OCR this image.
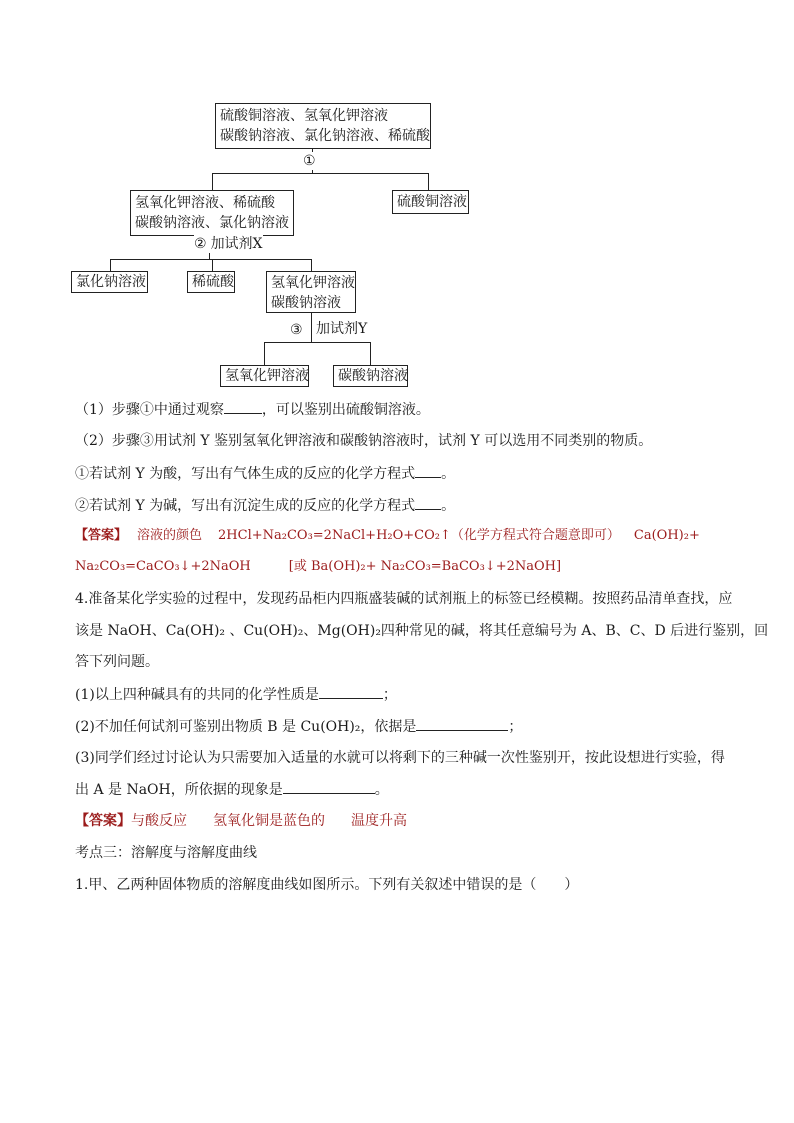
硫酸铜溶液、氢氧化钾溶液
碳酸钠溶液、氯化钠溶液、稀硫酸
①
氢氧化钾溶液、稀硫酸
碳酸钠溶液、氯化钠溶液
硫酸铜溶液
② 加试剂X
氯化钠溶液	稀硫酸	氢氧化钾溶液
碳酸钠溶液
③ 加试剂Y
氢氧化钾溶液	碳酸钠溶液
（1）步骤①中通过观察	，可以鉴别出硫酸铜溶液。
（2）步骤③用试剂 Y 鉴别氢氧化钾溶液和碳酸钠溶液时，试剂 Y 可以选用不同类别的物质。
①若试剂 Y 为酸，写出有气体生成的反应的化学方程式 。
②若试剂 Y 为碱，写出有沉淀生成的反应的化学方程式 。
【答案】 溶液的颜色 2HCl+Na₂CO₃=2NaCl+H₂O+CO₂↑（化学方程式符合题意即可） Ca(OH)₂+
Na₂CO₃=CaCO₃↓+2NaOH	[或 Ba(OH)₂+ Na₂CO₃=BaCO₃↓+2NaOH]
4.准备某化学实验的过程中，发现药品柜内四瓶盛装碱的试剂瓶上的标签已经模糊。按照药品清单查找，应
该是 NaOH、Ca(OH)₂ 、Cu(OH)₂、Mg(OH)₂四种常见的碱，将其任意编号为 A、B、C、D 后进行鉴别，回
答下列问题。
(1)以上四种碱具有的共同的化学性质是	；
(2)不加任何试剂可鉴别出物质 B 是 Cu(OH)₂，依据是	；
(3)同学们经过讨论认为只需要加入适量的水就可以将剩下的三种碱一次性鉴别开，按此设想进行实验，得
出 A 是 NaOH，所依据的现象是	。
【答案】与酸反应 氢氧化铜是蓝色的 温度升高
考点三：溶解度与溶解度曲线
1.甲、乙两种固体物质的溶解度曲线如图所示。下列有关叙述中错误的是（　　）
